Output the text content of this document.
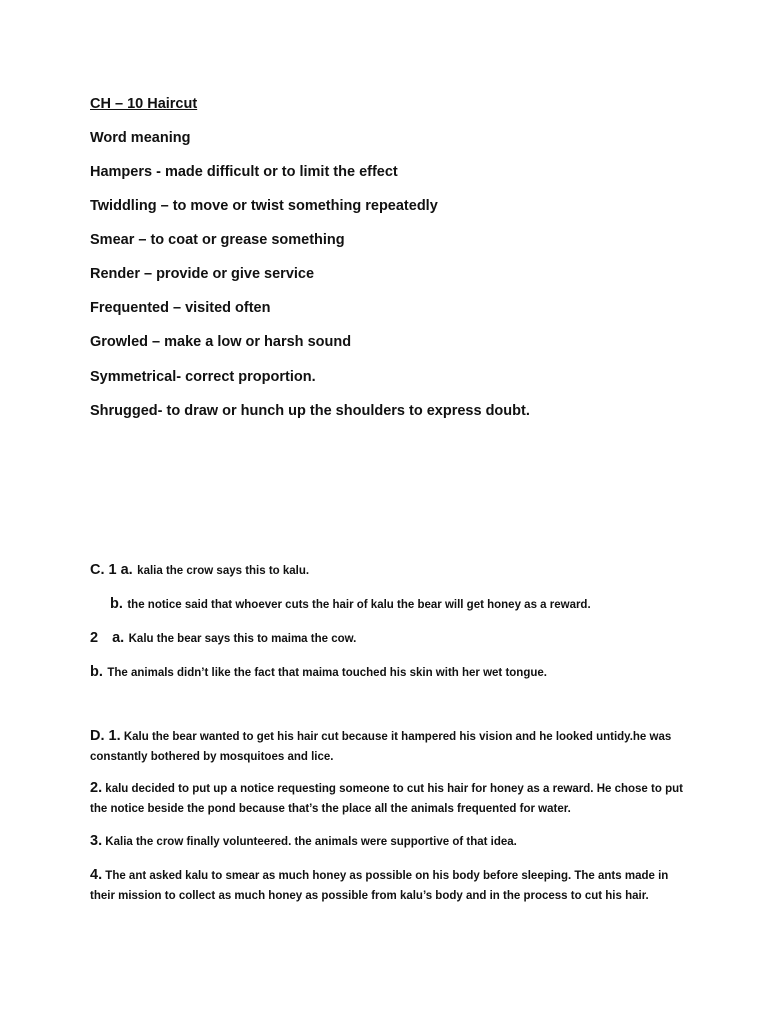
CH – 10 Haircut
Word meaning
Hampers - made difficult or to limit the effect
Twiddling – to move or twist something repeatedly
Smear – to coat or grease something
Render – provide or give service
Frequented – visited often
Growled – make a low or harsh sound
Symmetrical- correct proportion.
Shrugged- to draw or hunch up the shoulders to express doubt.
C. 1 a. kalia the crow says this to kalu.
b. the notice said that whoever cuts the hair of kalu the bear will get honey as a reward.
2 a. Kalu the bear says this to maima the cow.
b. The animals didn’t like the fact that maima touched his skin with her wet tongue.
D. 1. Kalu the bear wanted to get his hair cut because it hampered his vision and he looked untidy.he was constantly bothered by mosquitoes and lice.
2. kalu decided to put up a notice requesting someone to cut his hair for honey as a reward. He chose to put the notice beside the pond because that’s the place all the animals frequented for water.
3. Kalia the crow finally volunteered. the animals were supportive of that idea.
4. The ant asked kalu to smear as much honey as possible on his body before sleeping. The ants made in their mission to collect as much honey as possible from kalu’s body and in the process to cut his hair.
